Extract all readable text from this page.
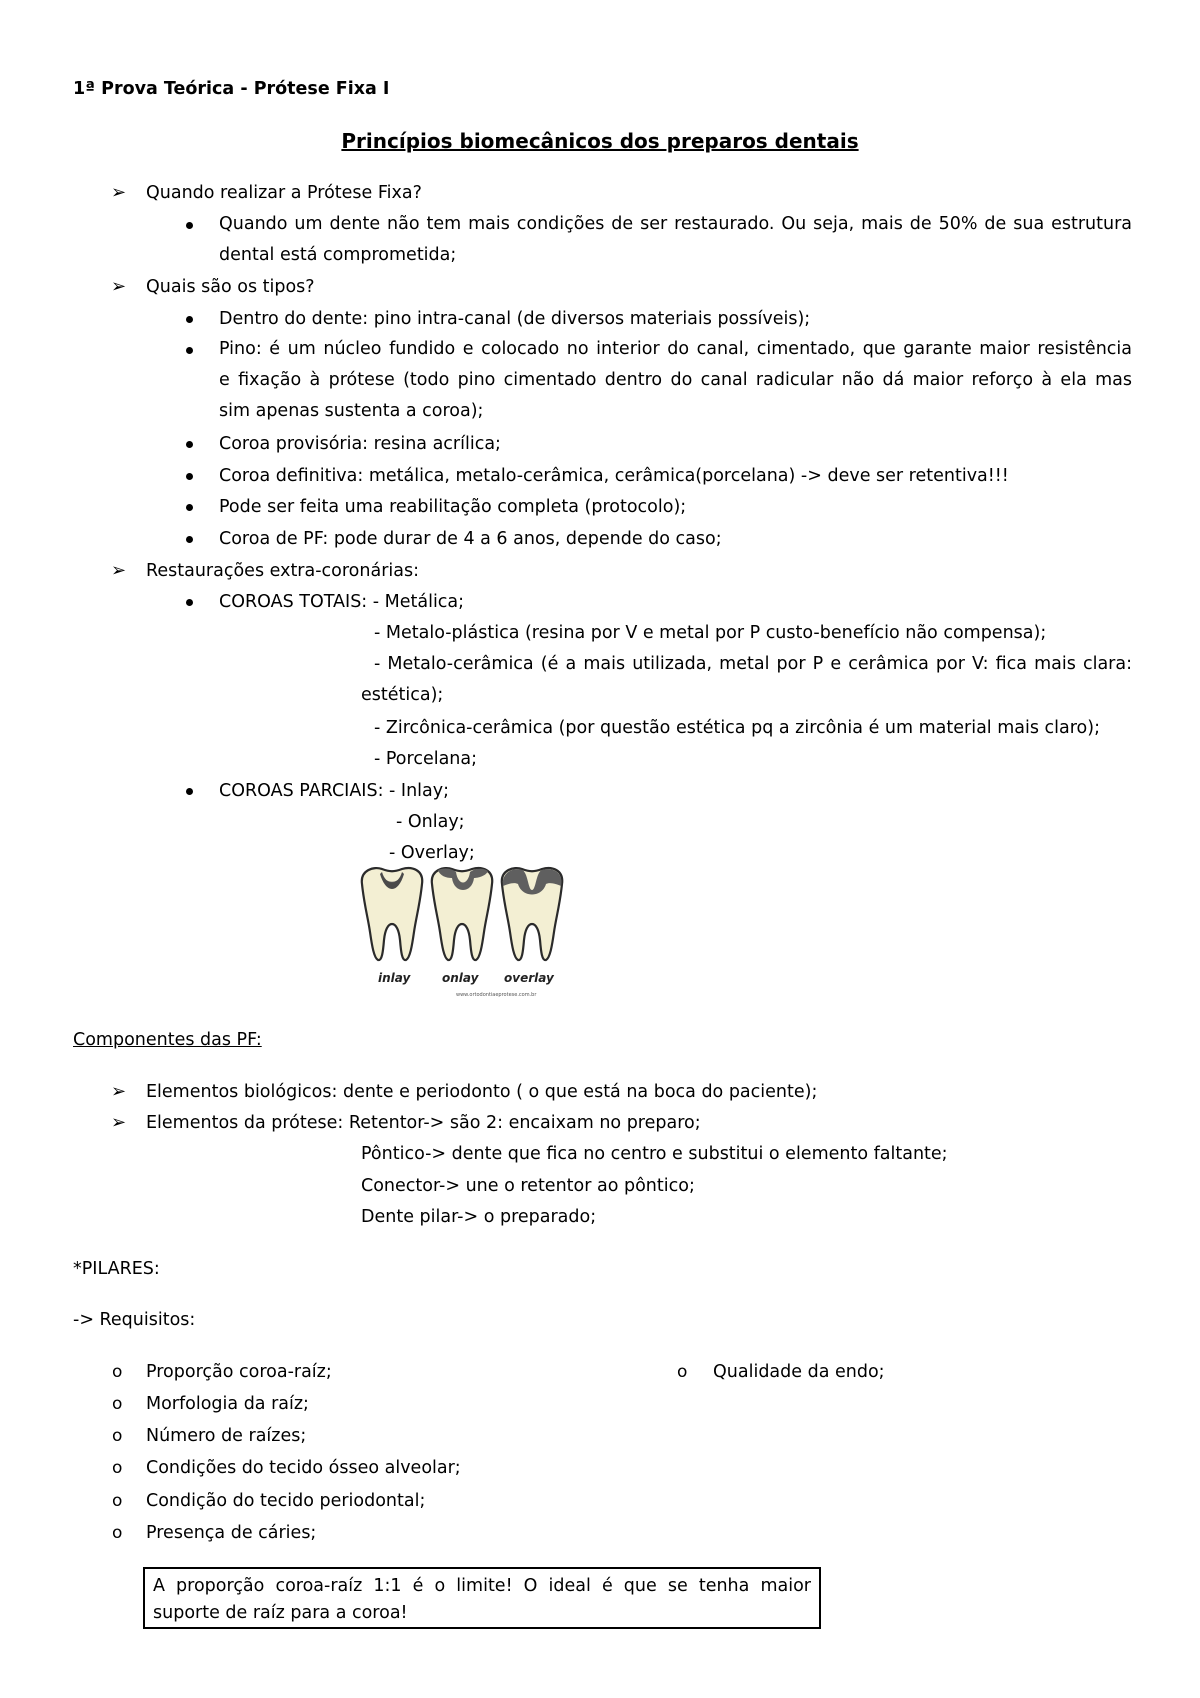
1ª Prova Teórica - Prótese Fixa I
Princípios biomecânicos dos preparos dentais
➢ Quando realizar a Prótese Fixa?
Quando um dente não tem mais condições de ser restaurado. Ou seja, mais de 50% de sua estrutura
dental está comprometida;
➢ Quais são os tipos?
Dentro do dente: pino intra-canal (de diversos materiais possíveis);
Pino: é um núcleo fundido e colocado no interior do canal, cimentado, que garante maior resistência
e fixação à prótese (todo pino cimentado dentro do canal radicular não dá maior reforço à ela mas
sim apenas sustenta a coroa);
Coroa provisória: resina acrílica;
Coroa definitiva: metálica, metalo-cerâmica, cerâmica(porcelana) -> deve ser retentiva!!!
Pode ser feita uma reabilitação completa (protocolo);
Coroa de PF: pode durar de 4 a 6 anos, depende do caso;
➢ Restaurações extra-coronárias:
COROAS TOTAIS: - Metálica;
- Metalo-plástica (resina por V e metal por P custo-benefício não compensa);
- Metalo-cerâmica (é a mais utilizada, metal por P e cerâmica por V: fica mais clara:
estética);
- Zircônica-cerâmica (por questão estética pq a zircônia é um material mais claro);
- Porcelana;
COROAS PARCIAIS: - Inlay;
- Onlay;
- Overlay;
inlay	onlay overlay
www.ortodontiaeprotese.com.br
Componentes das PF:
➢ Elementos biológicos: dente e periodonto ( o que está na boca do paciente);
➢ Elementos da prótese: Retentor-> são 2: encaixam no preparo;
Pôntico-> dente que fica no centro e substitui o elemento faltante;
Conector-> une o retentor ao pôntico;
Dente pilar-> o preparado;
*PILARES:
-> Requisitos:
o Proporção coroa-raíz;
o Morfologia da raíz;
o Número de raízes;
o Condições do tecido ósseo alveolar;
o Condição do tecido periodontal;
o Presença de cáries;
o Qualidade da endo;
A proporção coroa-raíz 1:1 é o limite! O ideal é que se tenha maior
suporte de raíz para a coroa!
